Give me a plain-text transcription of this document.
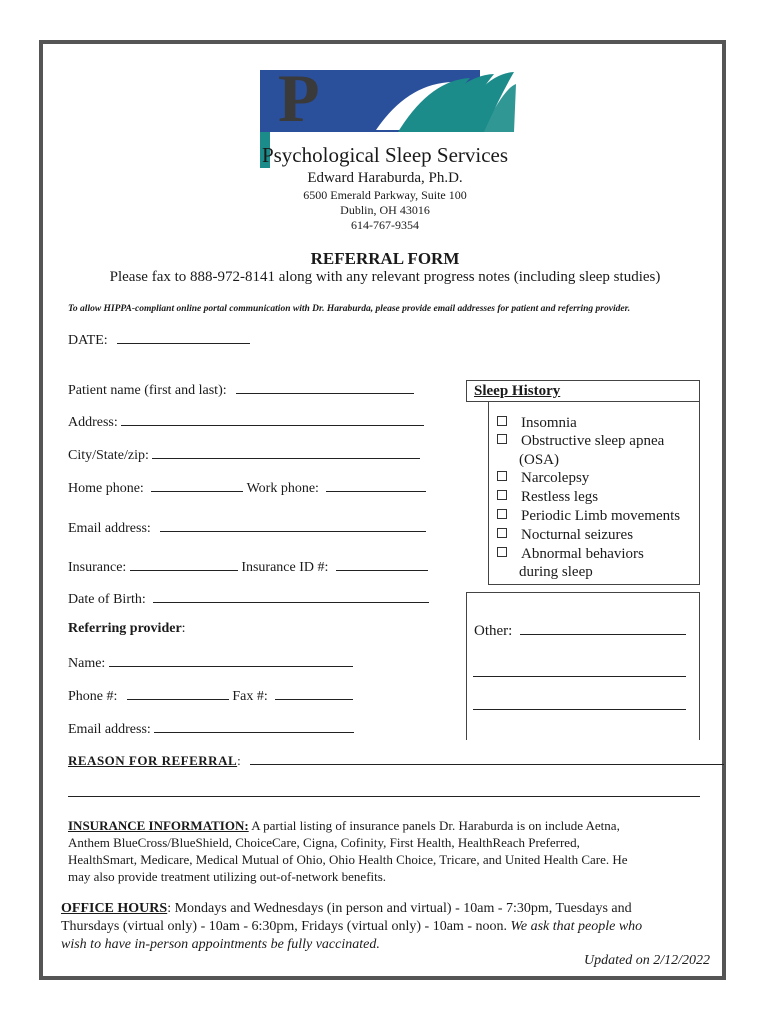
P
Psychological Sleep Services
Edward Haraburda, Ph.D.
6500 Emerald Parkway, Suite 100
Dublin, OH 43016
614-767-9354
REFERRAL FORM
Please fax to 888-972-8141 along with any relevant progress notes (including sleep studies)
To allow HIPPA-compliant online portal communication with Dr. Haraburda, please provide email addresses for patient and referring provider.
DATE:
Patient name (first and last):
Address:
City/State/zip:
Home phone:	Work phone:
Email address:
Insurance:	Insurance ID #:
Date of Birth:
Referring provider:
Name:
Phone #:	Fax #:
Email address:
Sleep History
Insomnia
Obstructive sleep apnea
(OSA)
Narcolepsy
Restless legs
Periodic Limb movements
Nocturnal seizures
Abnormal behaviors
during sleep
Other:
REASON FOR REFERRAL:
INSURANCE INFORMATION: A partial listing of insurance panels Dr. Haraburda is on include Aetna,
Anthem BlueCross/BlueShield, ChoiceCare, Cigna, Cofinity, First Health, HealthReach Preferred,
HealthSmart, Medicare, Medical Mutual of Ohio, Ohio Health Choice, Tricare, and United Health Care. He
may also provide treatment utilizing out-of-network benefits.
OFFICE HOURS: Mondays and Wednesdays (in person and virtual) - 10am - 7:30pm, Tuesdays and
Thursdays (virtual only) - 10am - 6:30pm, Fridays (virtual only) - 10am - noon. We ask that people who
wish to have in-person appointments be fully vaccinated.
Updated on 2/12/2022
